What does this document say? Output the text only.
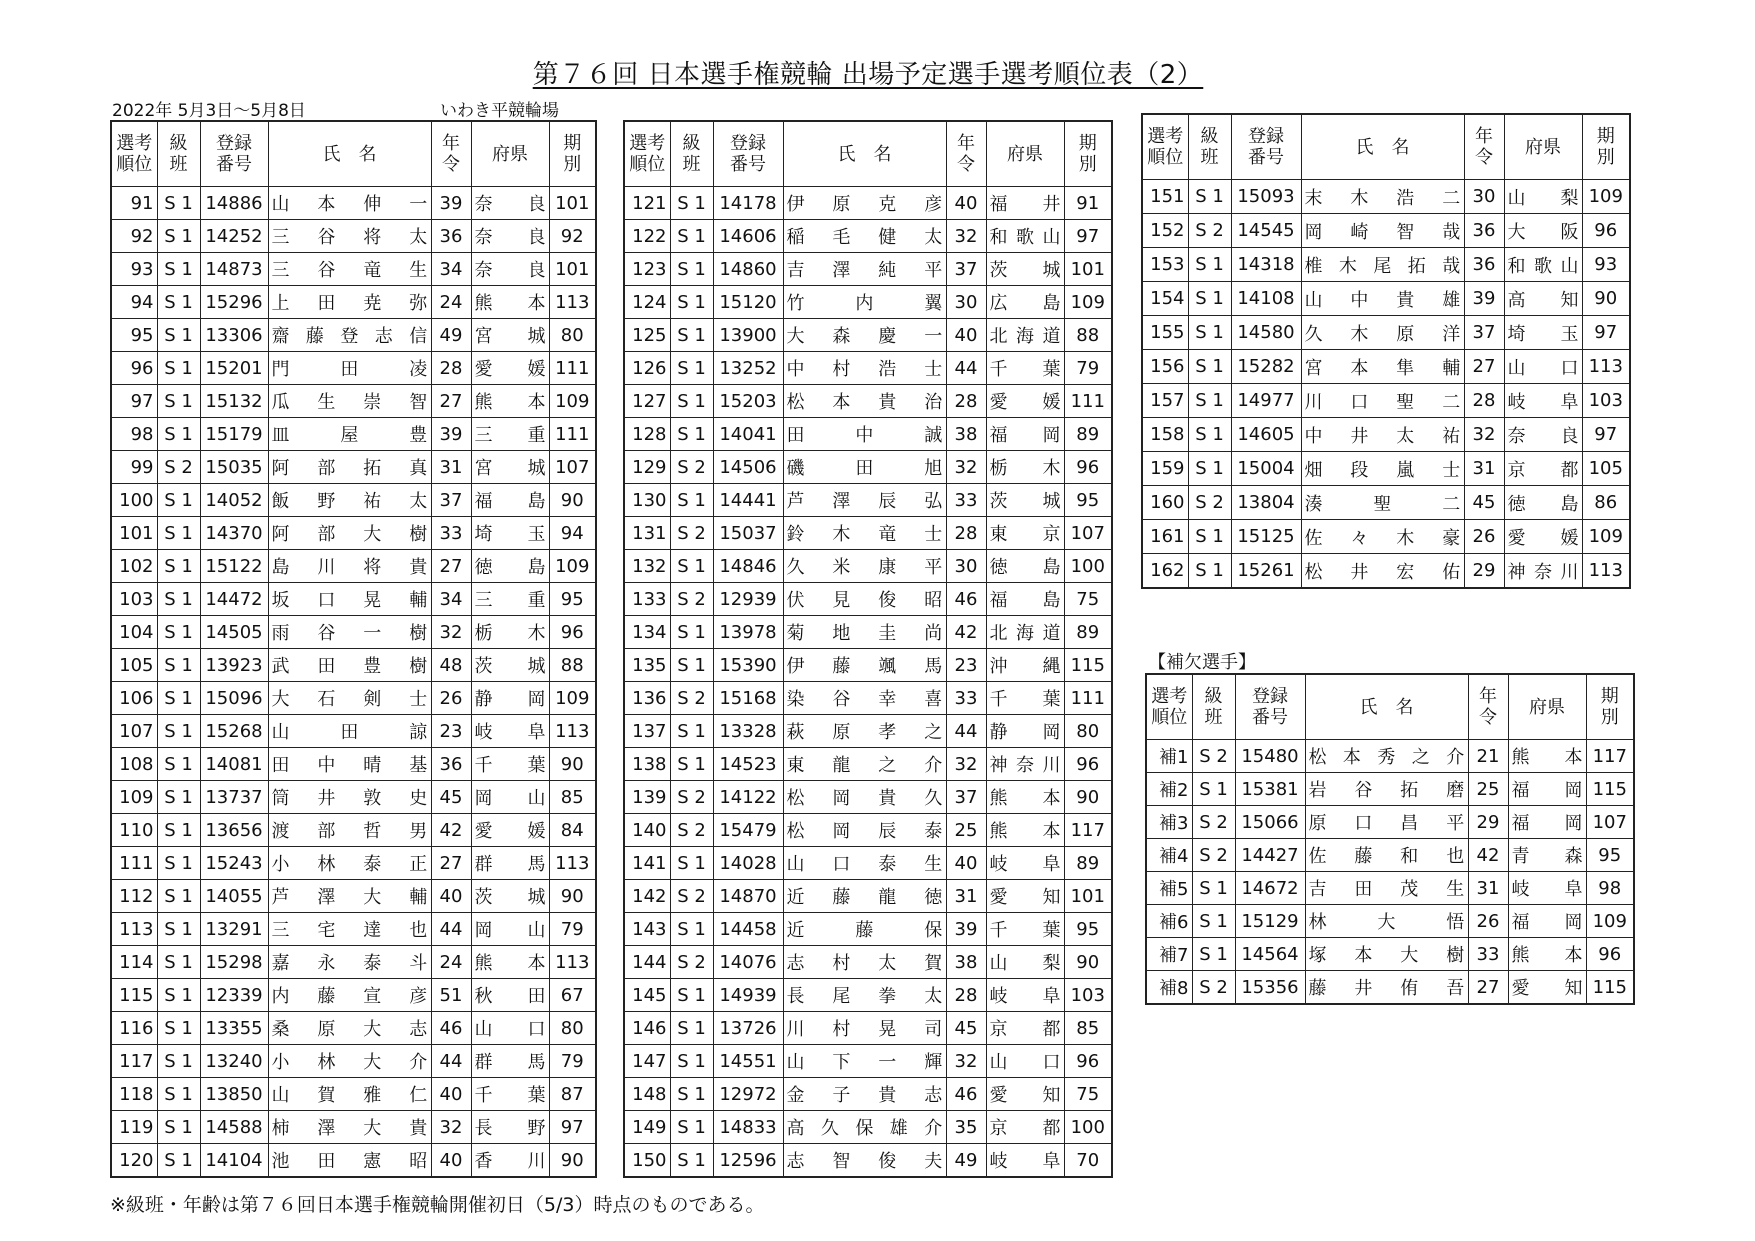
第７６回 日本選手権競輪 出場予定選手選考順位表（2）
2022年 5月3日～5月8日	いわき平競輪場
選考
順位	級
班	登録
番号	氏　名	年
令	府県	期
別
91	S 1	14886	山本伸一	39	奈良	101
92	S 1	14252	三谷将太	36	奈良	92
93	S 1	14873	三谷竜生	34	奈良	101
94	S 1	15296	上田尭弥	24	熊本	113
95	S 1	13306	齋藤登志信	49	宮城	80
96	S 1	15201	門田凌	28	愛媛	111
97	S 1	15132	瓜生崇智	27	熊本	109
98	S 1	15179	皿屋豊	39	三重	111
99	S 2	15035	阿部拓真	31	宮城	107
100	S 1	14052	飯野祐太	37	福島	90
101	S 1	14370	阿部大樹	33	埼玉	94
102	S 1	15122	島川将貴	27	徳島	109
103	S 1	14472	坂口晃輔	34	三重	95
104	S 1	14505	雨谷一樹	32	栃木	96
105	S 1	13923	武田豊樹	48	茨城	88
106	S 1	15096	大石剣士	26	静岡	109
107	S 1	15268	山田諒	23	岐阜	113
108	S 1	14081	田中晴基	36	千葉	90
109	S 1	13737	筒井敦史	45	岡山	85
110	S 1	13656	渡部哲男	42	愛媛	84
111	S 1	15243	小林泰正	27	群馬	113
112	S 1	14055	芦澤大輔	40	茨城	90
113	S 1	13291	三宅達也	44	岡山	79
114	S 1	15298	嘉永泰斗	24	熊本	113
115	S 1	12339	内藤宣彦	51	秋田	67
116	S 1	13355	桑原大志	46	山口	80
117	S 1	13240	小林大介	44	群馬	79
118	S 1	13850	山賀雅仁	40	千葉	87
119	S 1	14588	柿澤大貴	32	長野	97
120	S 1	14104	池田憲昭	40	香川	90
選考
順位	級
班	登録
番号	氏　名	年
令	府県	期
別
121	S 1	14178	伊原克彦	40	福井	91
122	S 1	14606	稲毛健太	32	和歌山	97
123	S 1	14860	吉澤純平	37	茨城	101
124	S 1	15120	竹内翼	30	広島	109
125	S 1	13900	大森慶一	40	北海道	88
126	S 1	13252	中村浩士	44	千葉	79
127	S 1	15203	松本貴治	28	愛媛	111
128	S 1	14041	田中誠	38	福岡	89
129	S 2	14506	磯田旭	32	栃木	96
130	S 1	14441	芦澤辰弘	33	茨城	95
131	S 2	15037	鈴木竜士	28	東京	107
132	S 1	14846	久米康平	30	徳島	100
133	S 2	12939	伏見俊昭	46	福島	75
134	S 1	13978	菊地圭尚	42	北海道	89
135	S 1	15390	伊藤颯馬	23	沖縄	115
136	S 2	15168	染谷幸喜	33	千葉	111
137	S 1	13328	萩原孝之	44	静岡	80
138	S 1	14523	東龍之介	32	神奈川	96
139	S 2	14122	松岡貴久	37	熊本	90
140	S 2	15479	松岡辰泰	25	熊本	117
141	S 1	14028	山口泰生	40	岐阜	89
142	S 2	14870	近藤龍徳	31	愛知	101
143	S 1	14458	近藤保	39	千葉	95
144	S 2	14076	志村太賀	38	山梨	90
145	S 1	14939	長尾拳太	28	岐阜	103
146	S 1	13726	川村晃司	45	京都	85
147	S 1	14551	山下一輝	32	山口	96
148	S 1	12972	金子貴志	46	愛知	75
149	S 1	14833	高久保雄介	35	京都	100
150	S 1	12596	志智俊夫	49	岐阜	70
選考
順位	級
班	登録
番号	氏　名	年
令	府県	期
別
151	S 1	15093	末木浩二	30	山梨	109
152	S 2	14545	岡崎智哉	36	大阪	96
153	S 1	14318	椎木尾拓哉	36	和歌山	93
154	S 1	14108	山中貴雄	39	高知	90
155	S 1	14580	久木原洋	37	埼玉	97
156	S 1	15282	宮本隼輔	27	山口	113
157	S 1	14977	川口聖二	28	岐阜	103
158	S 1	14605	中井太祐	32	奈良	97
159	S 1	15004	畑段嵐士	31	京都	105
160	S 2	13804	湊聖二	45	徳島	86
161	S 1	15125	佐々木豪	26	愛媛	109
162	S 1	15261	松井宏佑	29	神奈川	113
【補欠選手】
選考
順位	級
班	登録
番号	氏　名	年
令	府県	期
別
補1	S 2	15480	松本秀之介	21	熊本	117
補2	S 1	15381	岩谷拓磨	25	福岡	115
補3	S 2	15066	原口昌平	29	福岡	107
補4	S 2	14427	佐藤和也	42	青森	95
補5	S 1	14672	吉田茂生	31	岐阜	98
補6	S 1	15129	林大悟	26	福岡	109
補7	S 1	14564	塚本大樹	33	熊本	96
補8	S 2	15356	藤井侑吾	27	愛知	115
※級班・年齢は第７６回日本選手権競輪開催初日（5/3）時点のものである。
